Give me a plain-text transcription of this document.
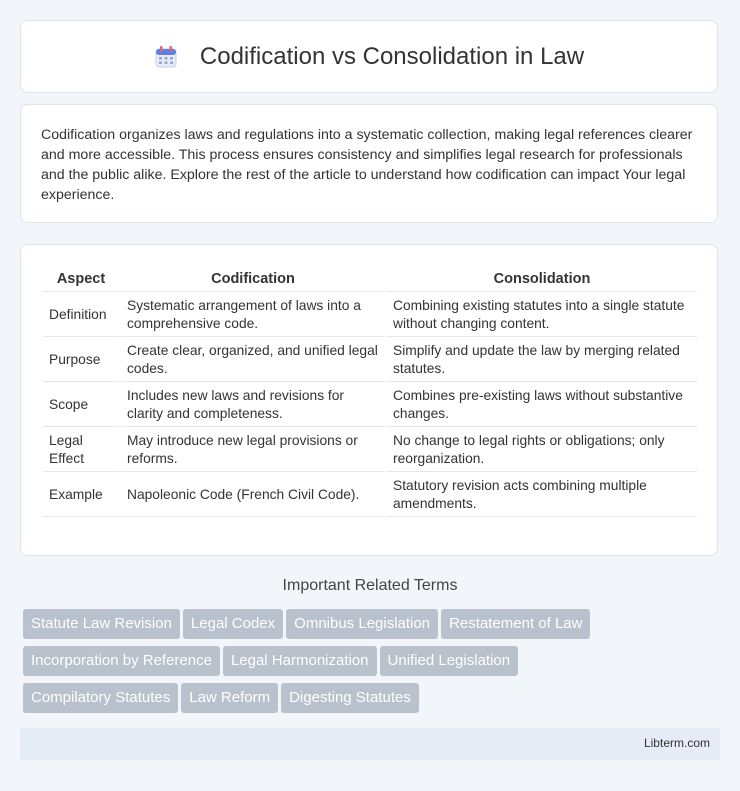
Codification vs Consolidation in Law

Codification organizes laws and regulations into a systematic collection, making legal references clearer and more accessible. This process ensures consistency and simplifies legal research for professionals and the public alike. Explore the rest of the article to understand how codification can impact Your legal experience.

Aspect	Codification	Consolidation
Definition	Systematic arrangement of laws into a comprehensive code.	Combining existing statutes into a single statute without changing content.
Purpose	Create clear, organized, and unified legal codes.	Simplify and update the law by merging related statutes.
Scope	Includes new laws and revisions for clarity and completeness.	Combines pre-existing laws without substantive changes.
Legal Effect	May introduce new legal provisions or reforms.	No change to legal rights or obligations; only reorganization.
Example	Napoleonic Code (French Civil Code).	Statutory revision acts combining multiple amendments.
Important Related Terms
Statute Law Revision Legal Codex Omnibus Legislation Restatement of Law
Incorporation by Reference Legal Harmonization Unified Legislation
Compilatory Statutes Law Reform Digesting Statutes
Libterm.com
